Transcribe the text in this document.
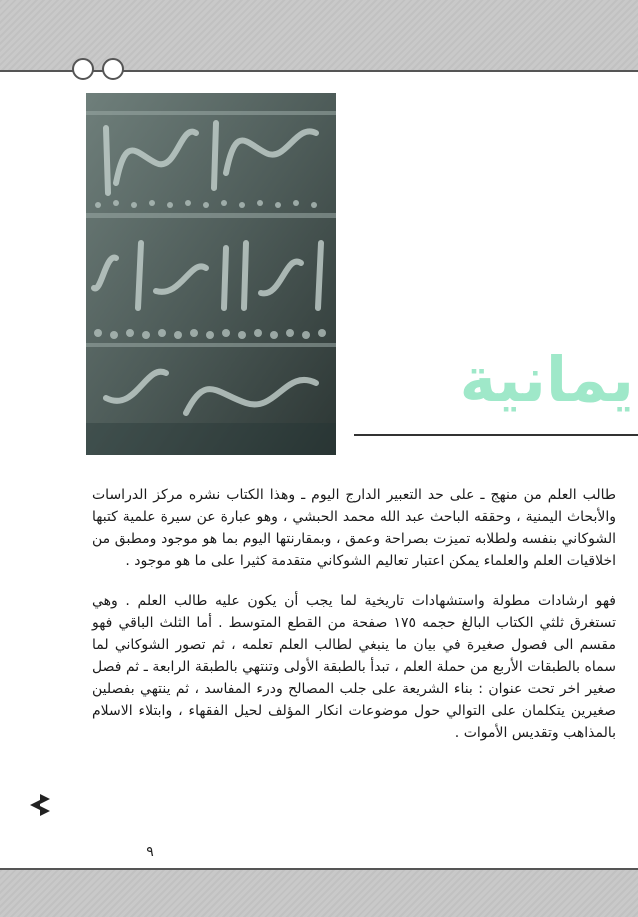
يمانية

طالب العلم من منهج ـ على حد التعبير الدارج اليوم ـ وهذا الكتاب نشره مركز الدراسات والأبحاث اليمنية ، وحققه الباحث عبد الله محمد الحبشي ، وهو عبارة عن سيرة علمية كتبها الشوكاني بنفسه ولطلابه تميزت بصراحة وعمق ، وبمقارنتها اليوم بما هو موجود ومطبق من اخلاقيات العلم والعلماء يمكن اعتبار تعاليم الشوكاني متقدمة كثيرا على ما هو موجود .

فهو ارشادات مطولة واستشهادات تاريخية لما يجب أن يكون عليه طالب العلم . وهي تستغرق ثلثي الكتاب البالغ حجمه ١٧٥ صفحة من القطع المتوسط . أما الثلث الباقي فهو مقسم الى فصول صغيرة في بيان ما ينبغي لطالب العلم تعلمه ، ثم تصور الشوكاني لما سماه بالطبقات الأربع من حملة العلم ، تبدأ بالطبقة الأولى وتنتهي بالطبقة الرابعة ـ ثم فصل صغير اخر تحت عنوان : بناء الشريعة على جلب المصالح ودرء المفاسد ، ثم ينتهي بفصلين صغيرين يتكلمان على التوالي حول موضوعات انكار المؤلف لحيل الفقهاء ، وابتلاء الاسلام بالمذاهب وتقديس الأموات .

٩
